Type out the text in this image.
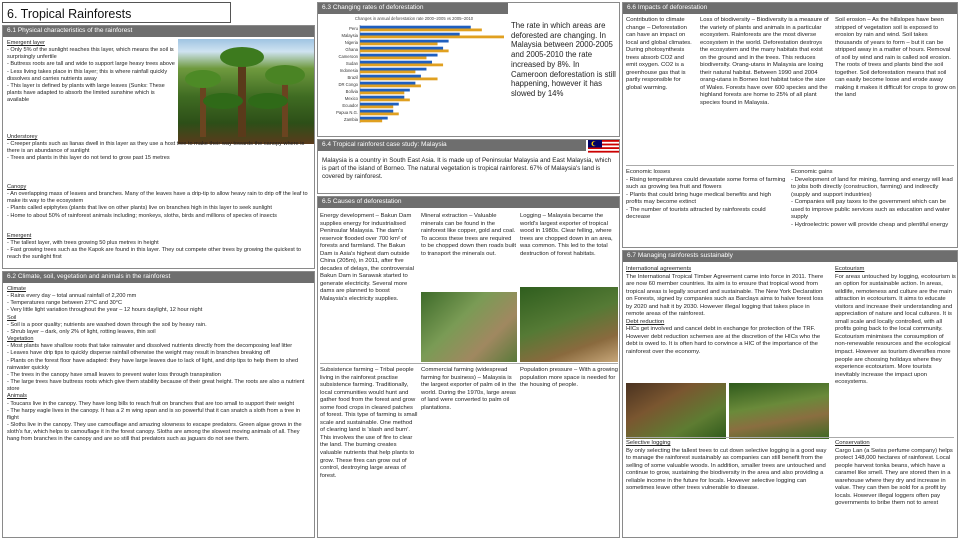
6. Tropical Rainforests
6.1 Physical characteristics of the rainforest
Emergent layer
- Only 5% of the sunlight reaches this layer, which means the soil is surprisingly unfertile
- Buttress roots are tall and wide to support large heavy trees above
- Less living takes place in this layer; this is where rainfall quickly dissolves and carries nutrients away
- This layer is defined by plants with large leaves (Sunks: These plants have adapted to absorb the limited sunshine which is available
Understorey
- Creeper plants such as lianas dwell in this layer as they use a host tree to make their way towards the canopy where is there is an abundance of sunlight
- Trees and plants in this layer do not tend to grow past 15 metres
Canopy
- An overlapping mass of leaves and branches. Many of the leaves have a drip-tip to allow heavy rain to drip off the leaf to make its way to the ecosystem
- Plants called epiphytes (plants that live on other plants) live on branches high in this layer to seek sunlight
- Home to about 50% of rainforest animals including; monkeys, sloths, birds and millions of species of insects
Emergent
- The tallest layer, with trees growing 50 plus metres in height
- Fast growing trees such as the Kapok are found in this layer. They out compete other trees by growing the quickest to reach the sunlight first
6.2 Climate, soil, vegetation and animals in the rainforest
Climate
- Rains every day – total annual rainfall of 2,200 mm
- Temperatures range between 27°C and 30°C
- Very little light variation throughout the year – 12 hours daylight, 12 hour night
Soil
- Soil is a poor quality; nutrients are washed down through the soil by heavy rain.
- Shrub layer – dark, only 2% of light, rotting leaves, thin soil
Vegetation
- Most plants have shallow roots that take rainwater and dissolved nutrients directly from the decomposing leaf litter
- Leaves have drip tips to quickly disperse rainfall otherwise the weight may result in branches breaking off
- Plants on the forest floor have adapted: they have large leaves due to lack of light, and drip tips to help them to shed rainwater quickly
- The trees in the canopy have small leaves to prevent water loss through transpiration
- The large trees have buttress roots which give them stability because of their great height. The roots are also a nutrient store
Animals
- Toucans live in the canopy. They have long bills to reach fruit on branches that are too small to support their weight
- The harpy eagle lives in the canopy. It has a 2 m wing span and is so powerful that it can snatch a sloth from a tree in flight
- Sloths live in the canopy. They use camouflage and amazing slowness to escape predators. Green algae grows in the sloth's fur, which helps to camouflage it in the forest canopy. Sloths are among the slowest moving animals of all. They hang from branches in the canopy and are so still that predators such as jaguars do not see them.
6.3 Changing rates of deforestation
Changes in annual deforestation rate 2000–2005 vs 2005–2010
Peru
Malaysia
Nigeria
Ghana
Cameroon
Sudan
Indonesia
Brazil
DR Congo
Bolivia
Mexico
Ecuador
Papua N.G.
Zambia
The rate in which areas are deforested are changing. In Malaysia between 2000-2005 and 2005-2010 the rate increased by 8%. In Cameroon deforestation is still happening, however it has slowed by 14%
6.4 Tropical rainforest case study: Malaysia
Malaysia is a country in South East Asia. It is made up of Peninsular Malaysia and East Malaysia, which is part of the island of Borneo. The natural vegetation is tropical rainforest. 67% of Malaysia's land is covered by rainforest.
6.5 Causes of deforestation
Energy development – Bakun Dam supplies energy for industrialised Peninsular Malaysia. The dam's reservoir flooded over 700 km² of forests and farmland. The Bakun Dam is Asia's highest dam outside China (205m), in 2011, after five decades of delays, the controversial Bakun Dam in Sarawak started to generate electricity. Several more dams are planned to boost Malaysia's electricity supplies.
Mineral extraction – Valuable minerals can be found in the rainforest like copper, gold and coal. To access these trees are required to be chopped down then roads built to transport the minerals out.
Logging – Malaysia became the world's largest exporter of tropical wood in 1980s. Clear felling, where trees are chopped down in an area, was common. This led to the total destruction of forest habitats.
Subsistence farming – Tribal people living in the rainforest practise subsistence farming. Traditionally, local communities would hunt and gather food from the forest and grow some food crops in cleared patches of forest. This type of farming is small scale and sustainable. One method of clearing land is 'slash and burn'. This involves the use of fire to clear the land. The burning creates valuable nutrients that help plants to grow. These fires can grow out of control, destroying large areas of forest.
Commercial farming (widespread farming for business) – Malaysia is the largest exporter of palm oil in the world. During the 1970s, large areas of land were converted to palm oil plantations.
Population pressure – With a growing population more space is needed for the housing of people.
6.6 Impacts of deforestation
Contribution to climate change – Deforestation can have an impact on local and global climates. During photosynthesis trees absorb CO2 and emit oxygen. CO2 is a greenhouse gas that is partly responsible for global warming.
Loss of biodiversity – Biodiversity is a measure of the variety of plants and animals in a particular ecosystem. Rainforests are the most diverse ecosystem in the world. Deforestation destroys the ecosystem and the many habitats that exist on the ground and in the trees. This reduces biodiversity. Orang-utans in Malaysia are losing their natural habitat. Between 1990 and 2004 orang-utans in Borneo lost habitat twice the size of Wales. Forests have over 600 species and the highland forests are home to 25% of all plant species found in Malaysia.
Soil erosion – As the hillslopes have been stripped of vegetation soil is exposed to erosion by rain and wind. Soil takes thousands of years to form – but it can be stripped away in a matter of hours. Removal of soil by wind and rain is called soil erosion. The roots of trees and plants bind the soil together. Soil deforestation means that soil can easily become loose and erode away making it makes it difficult for crops to grow on the land
Economic losses
- Rising temperatures could devastate some forms of farming such as growing tea fruit and flowers
- Plants that could bring huge medical benefits and high profits may become extinct
- The number of tourists attracted by rainforests could decrease
Economic gains
- Development of land for mining, farming and energy will lead to jobs both directly (construction, farming) and indirectly (supply and support industries)
- Companies will pay taxes to the government which can be used to improve public services such as education and water supply
- Hydroelectric power will provide cheap and plentiful energy
6.7 Managing rainforests sustainably
International agreements
The International Tropical Timber Agreement came into force in 2011. There are now 60 member countries. Its aim is to ensure that tropical wood from tropical areas is legally sourced and sustainable. The New York Declaration on Forests, signed by companies such as Barclays aims to halve forest loss by 2020 and halt it by 2030. However illegal logging that takes place in remote areas of the rainforest.
Debt reduction
HICs get involved and cancel debt in exchange for protection of the TRF. However debt reduction schemes are at the discretion of the HICs who the debt is owed to. It is often hard to convince a HIC of the importance of the rainforest over the economy.
Ecotourism
For areas untouched by logging, ecotourism is an option for sustainable action. In areas, wildlife, remoteness and culture are the main attraction in ecotourism. It aims to educate visitors and increase their understanding and appreciation of nature and local cultures. It is small scale and locally controlled, with all profits going back to the local community. Ecotourism minimises the consumption of non-renewable resources and the ecological impact. However as tourism diversifies more people are choosing holidays where they experience ecotourism. More tourists inevitably increase the impact upon ecosystems.
Selective logging
By only selecting the tallest trees to cut down selective logging is a good way to manage the rainforest sustainably as companies can still benefit from the selling of some valuable woods. In addition, smaller trees are untouched and continue to grow, sustaining the biodiversity in the area and also providing a reliable income in the future for locals. However selective logging can sometimes leave other trees vulnerable to disease.
Conservation
Cargo Lan (a Swiss perfume company) helps protect 148,000 hectares of rainforest. Local people harvest tonka beans, which have a caramel like smell. They are stored then in a warehouse where they dry and increase in value. They can then be sold for a profit by locals. However illegal loggers often pay governments to bribe them not to arrest
